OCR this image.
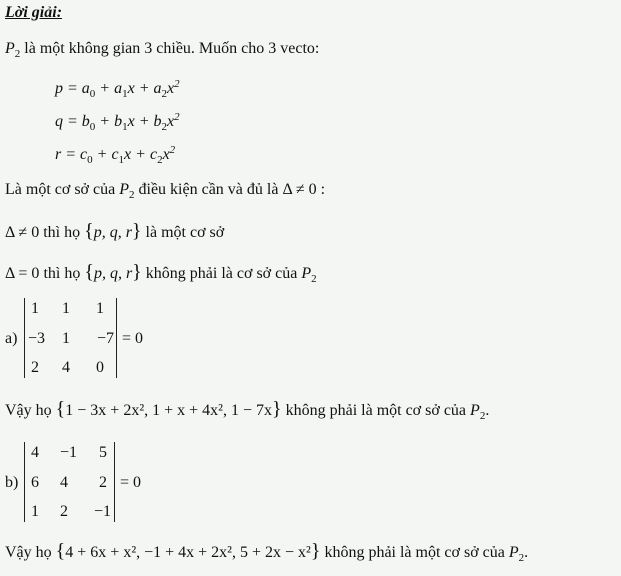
Lời giải:
$P_2$ là một không gian 3 chiều. Muốn cho 3 vecto:
$p = a_0 + a_1x + a_2x^2$
$q = b_0 + b_1x + b_2x^2$
$r = c_0 + c_1x + c_2x^2$
Là một cơ sở của $P_2$ điều kiện cần và đủ là Δ ≠ 0 :
Δ ≠ 0 thì họ {p, q, r} là một cơ sở
Δ = 0 thì họ {p, q, r} không phải là cơ sở của $P_2$
a)
1	1	1
−3	1	−7
2	4	0
= 0
Vậy họ {1 − 3x + 2x², 1 + x + 4x², 1 − 7x} không phải là một cơ sở của $P_2$.
b)
4	−1	5
6	4	2
1	2	−1
= 0
Vậy họ {4 + 6x + x², −1 + 4x + 2x², 5 + 2x − x²} không phải là một cơ sở của $P_2$.
